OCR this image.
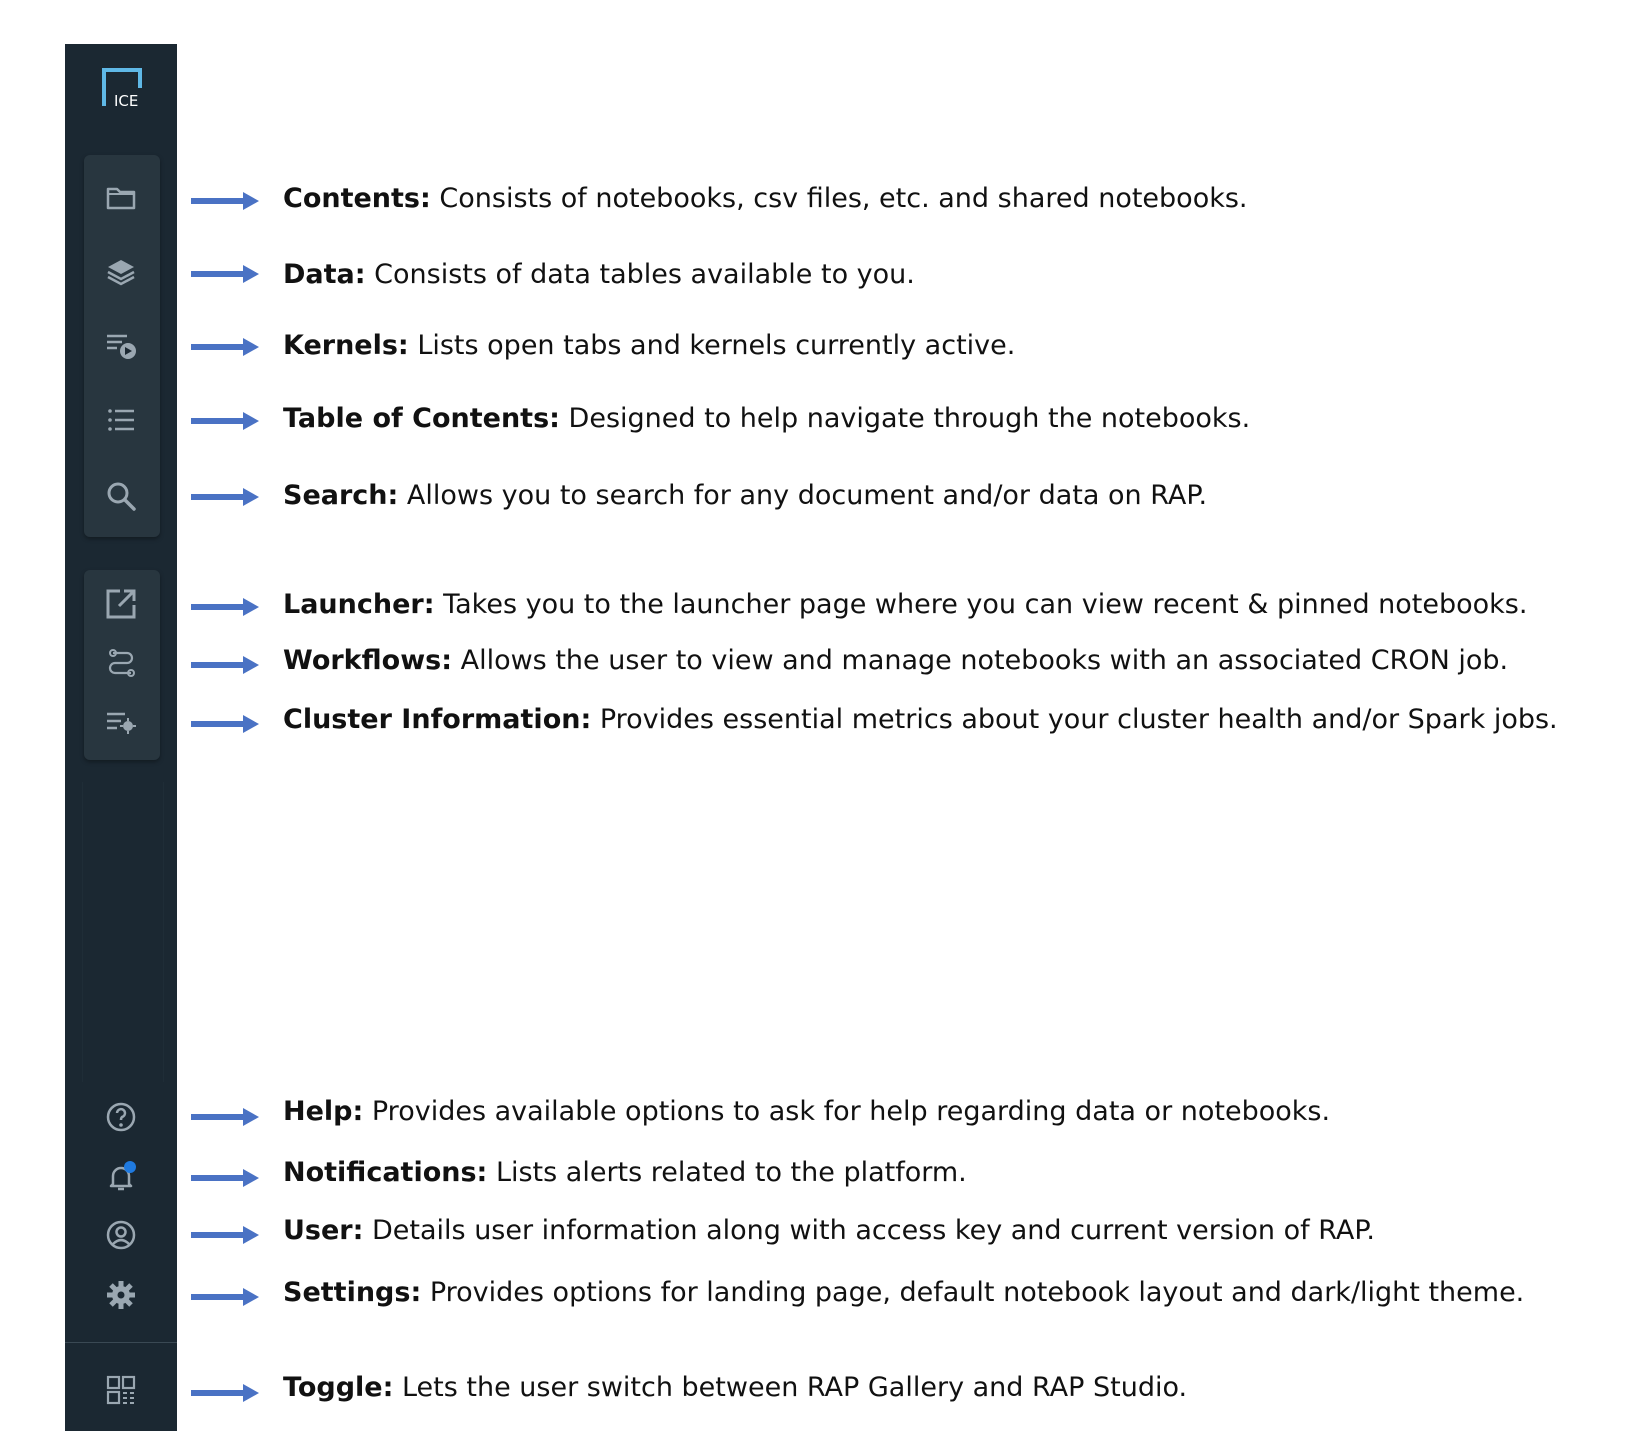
ICE
Contents: Consists of notebooks, csv files, etc. and shared notebooks.
Data: Consists of data tables available to you.
Kernels: Lists open tabs and kernels currently active.
Table of Contents: Designed to help navigate through the notebooks.
Search: Allows you to search for any document and/or data on RAP.
Launcher: Takes you to the launcher page where you can view recent & pinned notebooks.
Workflows: Allows the user to view and manage notebooks with an associated CRON job.
Cluster Information: Provides essential metrics about your cluster health and/or Spark jobs.
Help: Provides available options to ask for help regarding data or notebooks.
Notifications: Lists alerts related to the platform.
User: Details user information along with access key and current version of RAP.
Settings: Provides options for landing page, default notebook layout and dark/light theme.
Toggle: Lets the user switch between RAP Gallery and RAP Studio.
